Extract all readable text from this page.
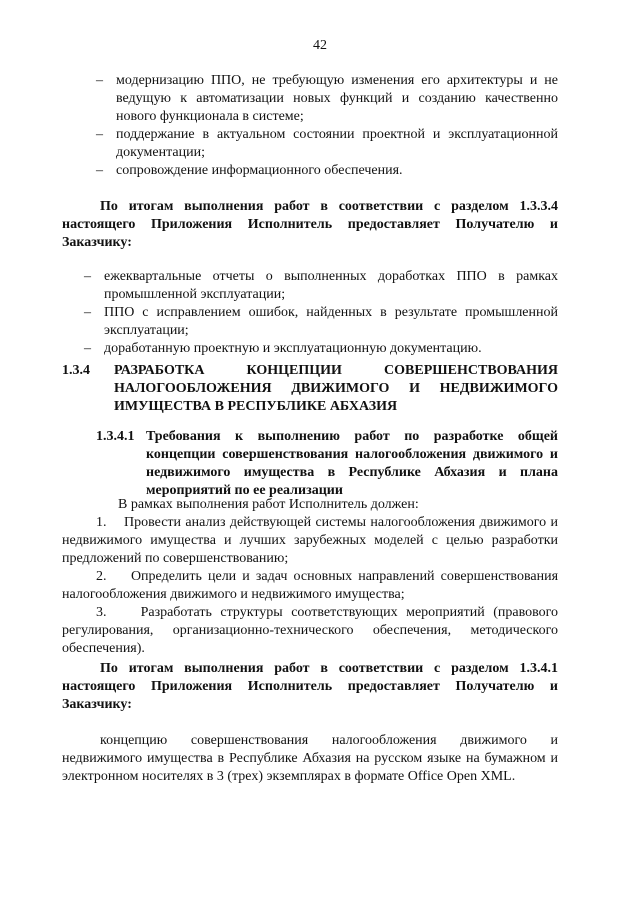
42
– модернизацию ППО, не требующую изменения его архитектуры и не ведущую к автоматизации новых функций и созданию качественно нового функционала в системе;
– поддержание в актуальном состоянии проектной и эксплуатационной документации;
– сопровождение информационного обеспечения.
По итогам выполнения работ в соответствии с разделом 1.3.3.4 настоящего Приложения Исполнитель предоставляет Получателю и Заказчику:
– ежеквартальные отчеты о выполненных доработках ППО в рамках промышленной эксплуатации;
– ППО с исправлением ошибок, найденных в результате промышленной эксплуатации;
– доработанную проектную и эксплуатационную документацию.
1.3.4 РАЗРАБОТКА КОНЦЕПЦИИ СОВЕРШЕНСТВОВАНИЯ НАЛОГООБЛОЖЕНИЯ ДВИЖИМОГО И НЕДВИЖИМОГО ИМУЩЕСТВА В РЕСПУБЛИКЕ АБХАЗИЯ
1.3.4.1 Требования к выполнению работ по разработке общей концепции совершенствования налогообложения движимого и недвижимого имущества в Республике Абхазия и плана мероприятий по ее реализации
В рамках выполнения работ Исполнитель должен:
1. Провести анализ действующей системы налогообложения движимого и недвижимого имущества и лучших зарубежных моделей с целью разработки предложений по совершенствованию;
2. Определить цели и задач основных направлений совершенствования налогообложения движимого и недвижимого имущества;
3. Разработать структуры соответствующих мероприятий (правового регулирования, организационно-технического обеспечения, методического обеспечения).
По итогам выполнения работ в соответствии с разделом 1.3.4.1 настоящего Приложения Исполнитель предоставляет Получателю и Заказчику:
концепцию совершенствования налогообложения движимого и недвижимого имущества в Республике Абхазия на русском языке на бумажном и электронном носителях в 3 (трех) экземплярах в формате Office Open XML.
